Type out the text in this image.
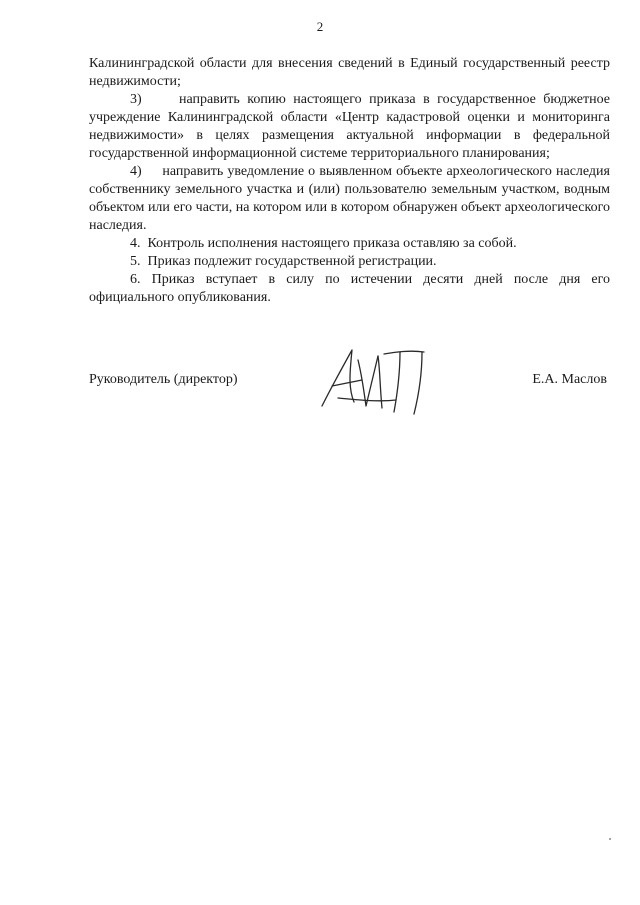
2

Калининградской области для внесения сведений в Единый государственный реестр недвижимости;

3)     направить копию настоящего приказа в государственное бюджетное учреждение Калининградской области «Центр кадастровой оценки и мониторинга недвижимости» в целях размещения актуальной информации в федеральной государственной информационной системе территориального планирования;

4)     направить уведомление о выявленном объекте археологического наследия собственнику земельного участка и (или) пользователю земельным участком, водным объектом или его части, на котором или в котором обнаружен объект археологического наследия.

4.  Контроль исполнения настоящего приказа оставляю за собой.

5.  Приказ подлежит государственной регистрации.

6. Приказ вступает в силу по истечении десяти дней после дня его официального опубликования.

Руководитель (директор)	Е.А. Маслов
